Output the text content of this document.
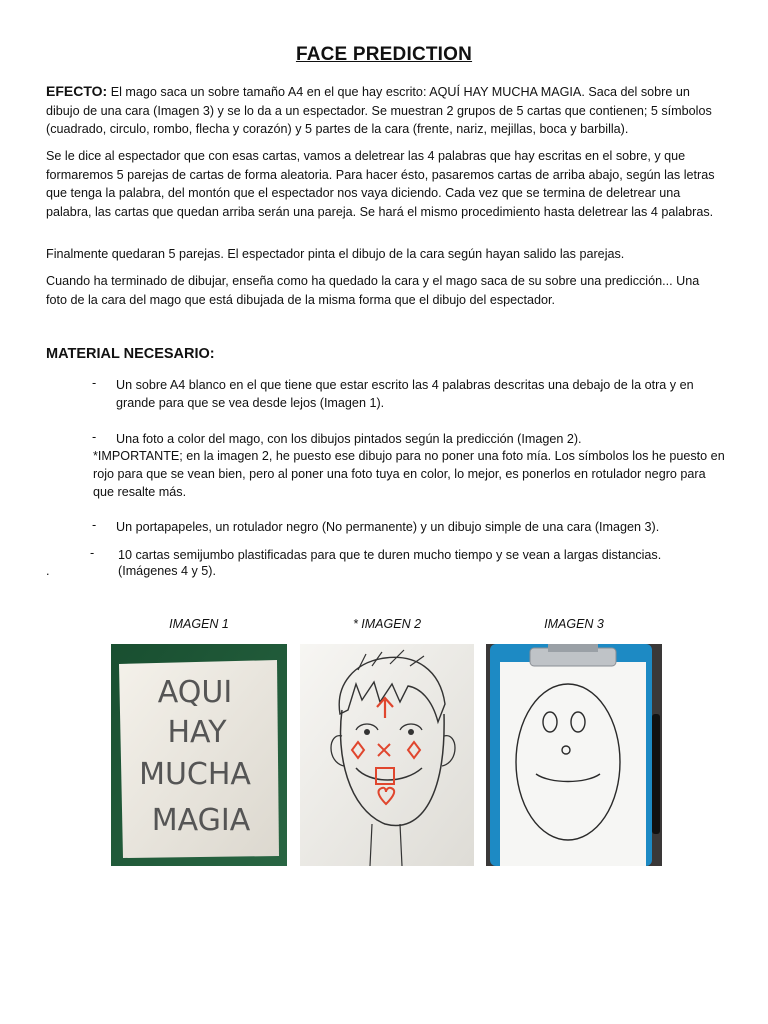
FACE PREDICTION
EFECTO: El mago saca un sobre tamaño A4 en el que hay escrito: AQUÍ HAY MUCHA MAGIA. Saca del sobre un dibujo de una cara (Imagen 3) y se lo da a un espectador. Se muestran 2 grupos de 5 cartas que contienen; 5 símbolos (cuadrado, circulo, rombo, flecha y corazón) y 5 partes de la cara (frente, nariz, mejillas, boca y barbilla).
Se le dice al espectador que con esas cartas, vamos a deletrear las 4 palabras que hay escritas en el sobre, y que formaremos 5 parejas de cartas de forma aleatoria. Para hacer ésto, pasaremos cartas de arriba abajo, según las letras que tenga la palabra, del montón que el espectador nos vaya diciendo. Cada vez que se termina de deletrear una palabra, las cartas que quedan arriba serán una pareja. Se hará el mismo procedimiento hasta deletrear las 4 palabras.
Finalmente quedaran 5 parejas. El espectador pinta el dibujo de la cara según hayan salido las parejas.
Cuando ha terminado de dibujar, enseña como ha quedado la cara y el mago saca de su sobre una predicción... Una foto de la cara del mago que está dibujada de la misma forma que el dibujo del espectador.
MATERIAL NECESARIO:
- Un sobre A4 blanco en el que tiene que estar escrito las 4 palabras descritas una debajo de la otra y en grande para que se vea desde lejos (Imagen 1).
- Una foto a color del mago, con los dibujos pintados según la predicción (Imagen 2).
*IMPORTANTE; en la imagen 2, he puesto ese dibujo para no poner una foto mía. Los símbolos los he puesto en rojo para que se vean bien, pero al poner una foto tuya en color, lo mejor, es ponerlos en rotulador negro para que resalte más.
- Un portapapeles, un rotulador negro (No permanente) y un dibujo simple de una cara (Imagen 3).
- 10 cartas semijumbo plastificadas para que te duren mucho tiempo y se vean a largas distancias.
.	(Imágenes 4 y 5).
IMAGEN 1	* IMAGEN 2	IMAGEN 3
AQUI
HAY
MUCHA
MAGIA
